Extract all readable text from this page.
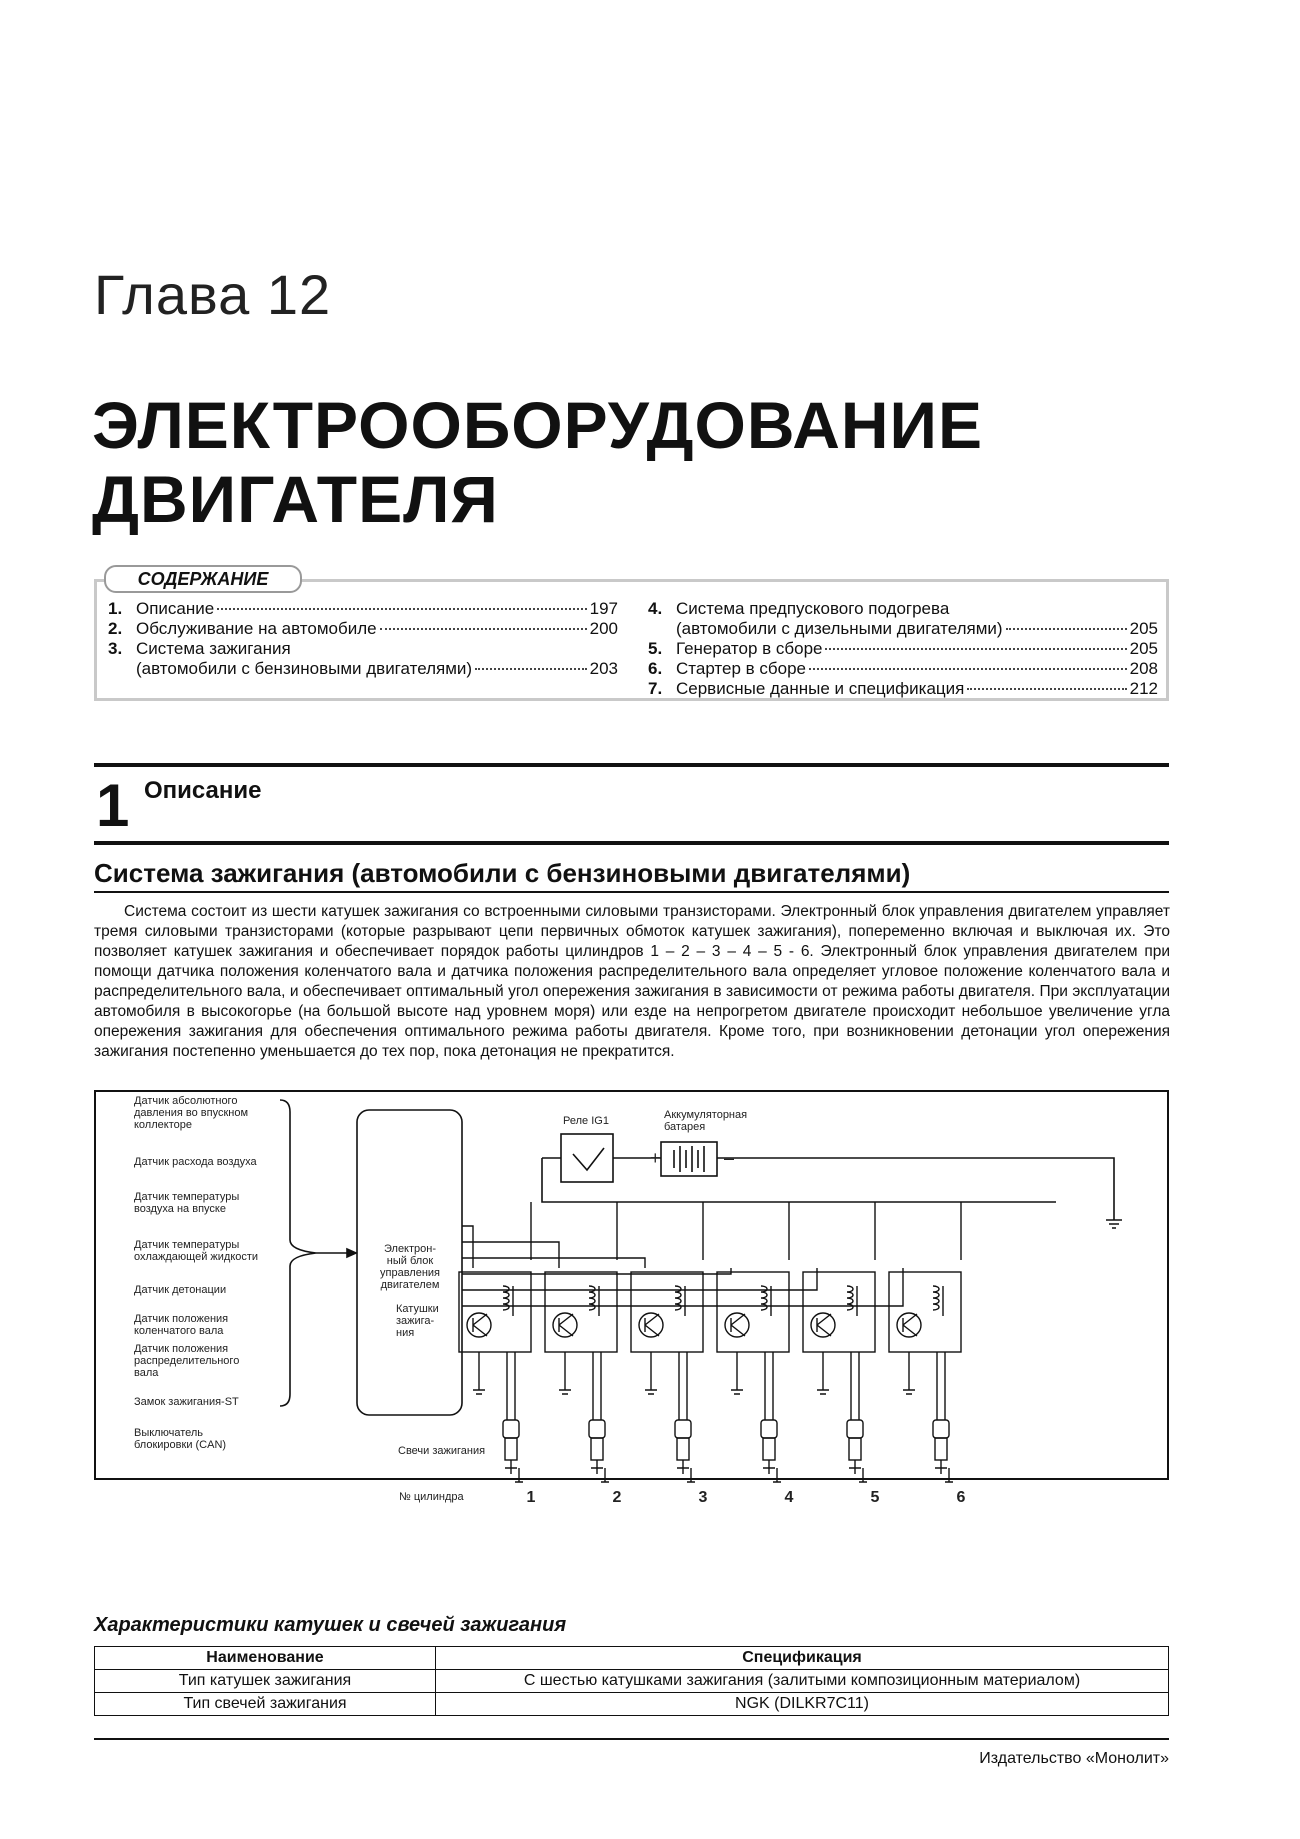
Глава 12
ЭЛЕКТРООБОРУДОВАНИЕ
ДВИГАТЕЛЯ
СОДЕРЖАНИЕ
1. Описание	197
2. Обслуживание на автомобиле	200
3. Система зажигания
(автомобили с бензиновыми двигателями)	203
4. Система предпускового подогрева
(автомобили с дизельными двигателями)	205
5. Генератор в сборе	205
6. Стартер в сборе	208
7. Сервисные данные и спецификация	212
1 Описание
Система зажигания (автомобили с бензиновыми двигателями)

Система состоит из шести катушек зажигания со встроенными силовыми транзисторами. Электронный блок управления двигателем управляет тремя силовыми транзисторами (которые разрывают цепи первичных обмоток катушек зажигания), попеременно включая и выключая их. Это позволяет катушек зажигания и обеспечивает порядок работы цилиндров 1 – 2 – 3 – 4 – 5 - 6. Электронный блок управления двигателем при помощи датчика положения коленчатого вала и датчика положения распределительного вала определяет угловое положение коленчатого вала и распределительного вала, и обеспечивает оптимальный угол опережения зажигания в зависимости от режима работы двигателя. При эксплуатации автомобиля в высокогорье (на большой высоте над уровнем моря) или езде на непрогретом двигателе происходит небольшое увеличение угла опережения зажигания для обеспечения оптимального режима работы двигателя. Кроме того, при возникновении детонации угол опережения зажигания постепенно уменьшается до тех пор, пока детонация не прекратится.

Датчик абсолютного давления во впускном коллекторе
Датчик расхода воздуха
Датчик температуры воздуха на впуске
Датчик температуры охлаждающей жидкости
Датчик детонации
Датчик положения коленчатого вала
Датчик положения распределительного вала
Замок зажигания-ST
Выключатель блокировки (CAN)
Электрон-ный блок управления двигателем
Реле IG1	Аккумуляторная батарея
+	–
Катушки зажига-ния
Свечи зажигания
№ цилиндра	1	2	3	4	5	6
Характеристики катушек и свечей зажигания
Наименование	Спецификация
Тип катушек зажигания	С шестью катушками зажигания (залитыми композиционным материалом)
Тип свечей зажигания	NGK (DILKR7C11)
Издательство «Монолит»
